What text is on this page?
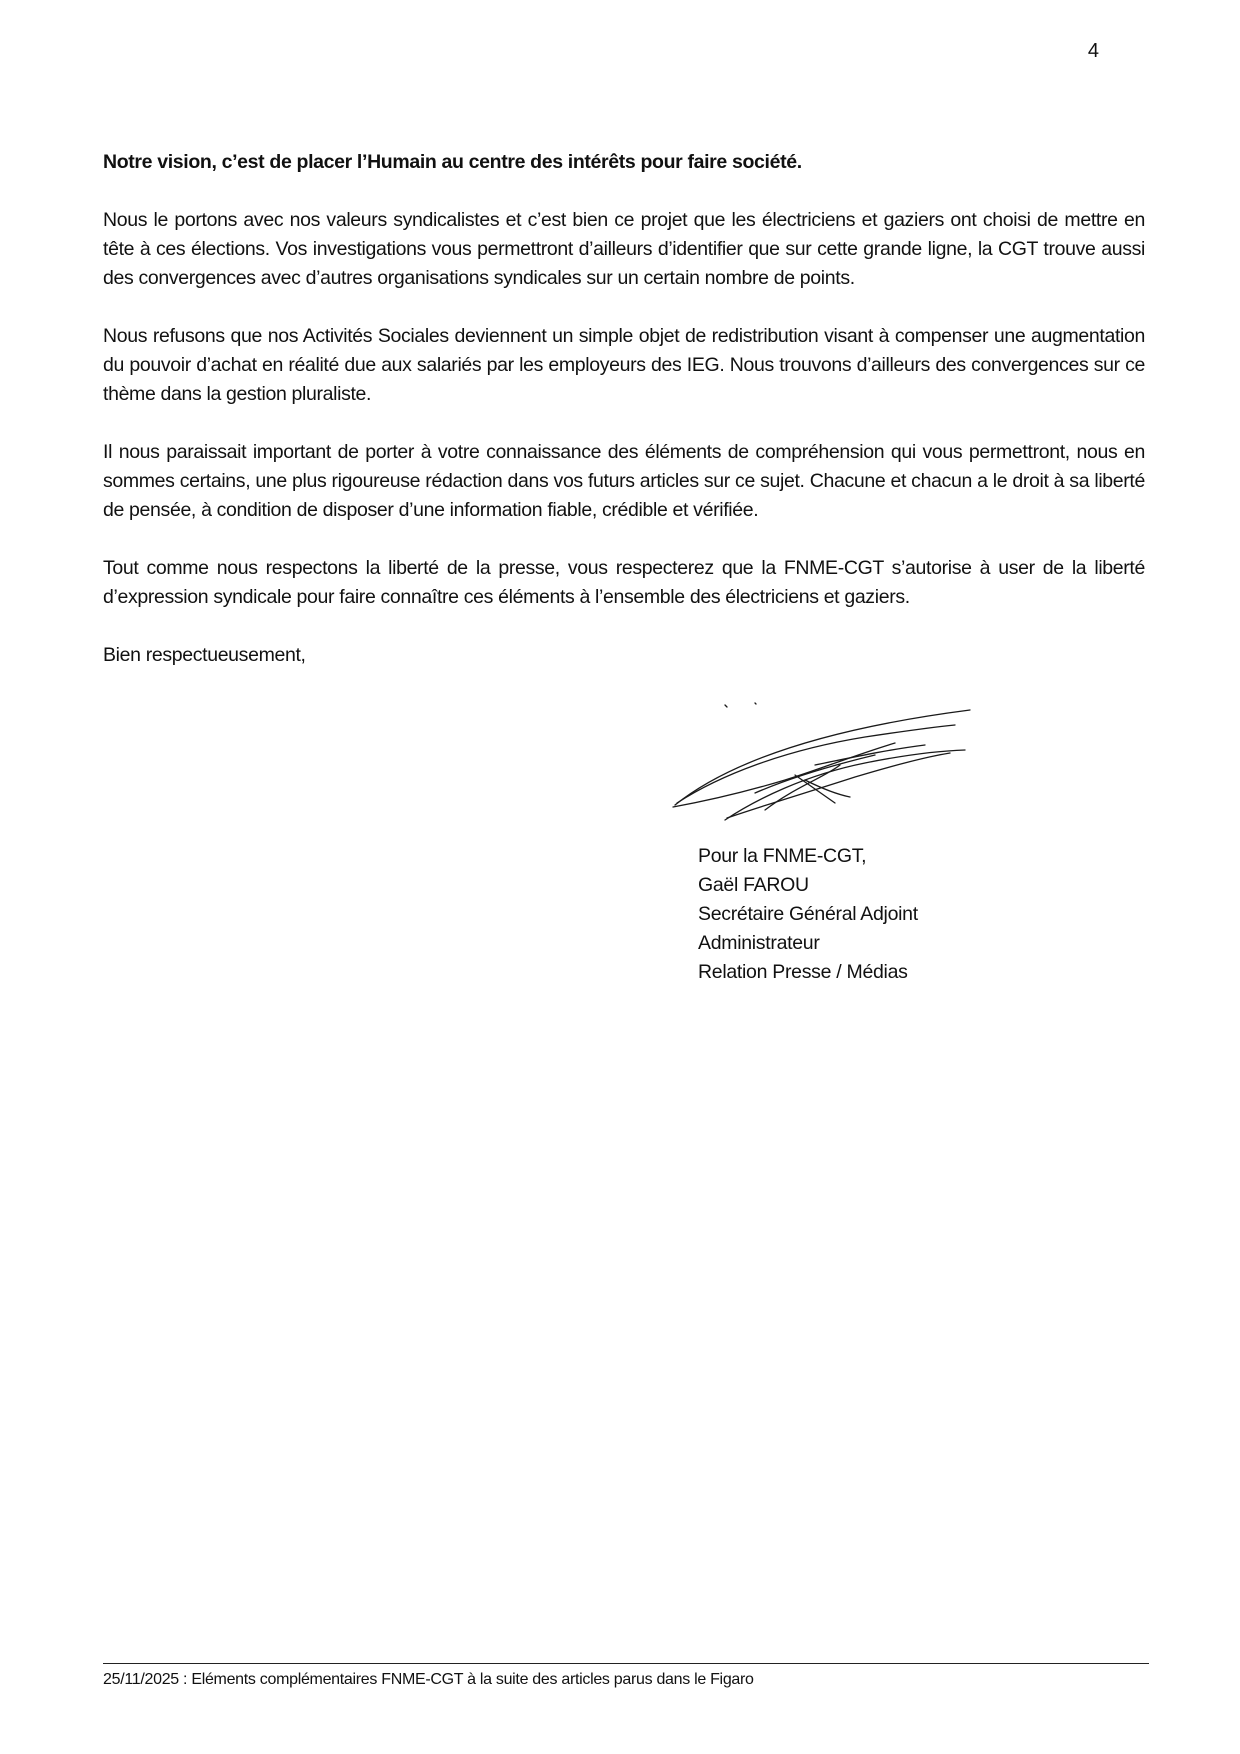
4

Notre vision, c’est de placer l’Humain au centre des intérêts pour faire société.

Nous le portons avec nos valeurs syndicalistes et c’est bien ce projet que les électriciens et gaziers ont choisi de mettre en tête à ces élections. Vos investigations vous permettront d’ailleurs d’identifier que sur cette grande ligne, la CGT trouve aussi des convergences avec d’autres organisations syndicales sur un certain nombre de points.

Nous refusons que nos Activités Sociales deviennent un simple objet de redistribution visant à compenser une augmentation du pouvoir d’achat en réalité due aux salariés par les employeurs des IEG. Nous trouvons d’ailleurs des convergences sur ce thème dans la gestion pluraliste.

Il nous paraissait important de porter à votre connaissance des éléments de compréhension qui vous permettront, nous en sommes certains, une plus rigoureuse rédaction dans vos futurs articles sur ce sujet. Chacune et chacun a le droit à sa liberté de pensée, à condition de disposer d’une information fiable, crédible et vérifiée.

Tout comme nous respectons la liberté de la presse, vous respecterez que la FNME-CGT s’autorise à user de la liberté d’expression syndicale pour faire connaître ces éléments à l’ensemble des électriciens et gaziers.

Bien respectueusement,

Pour la FNME-CGT,
Gaël FAROU
Secrétaire Général Adjoint
Administrateur
Relation Presse / Médias
25/11/2025 : Eléments complémentaires FNME-CGT à la suite des articles parus dans le Figaro
